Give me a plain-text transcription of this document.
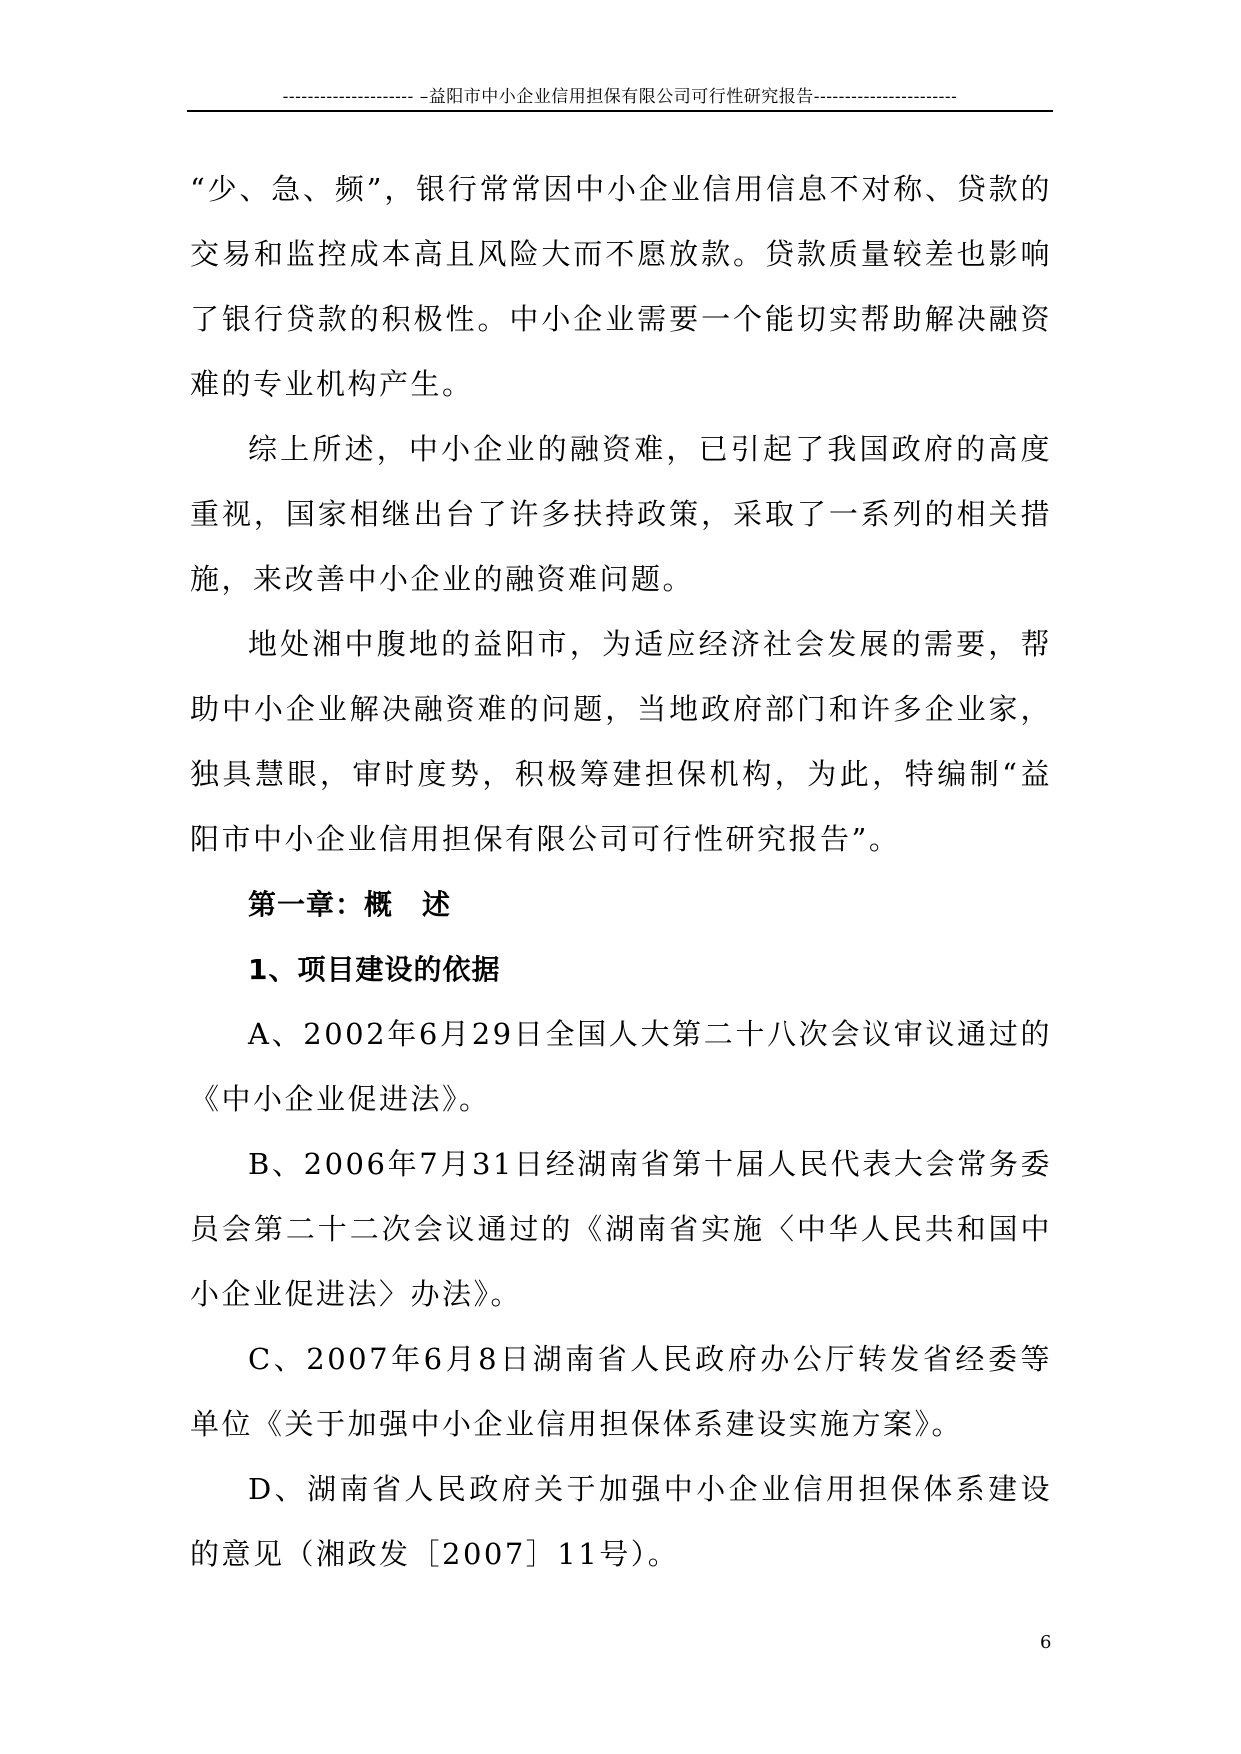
--------------------- –益阳市中小企业信用担保有限公司可行性研究报告-----------------------

“少、急、频”，银行常常因中小企业信用信息不对称、贷款的交易和监控成本高且风险大而不愿放款。贷款质量较差也影响了银行贷款的积极性。中小企业需要一个能切实帮助解决融资难的专业机构产生。

综上所述，中小企业的融资难，已引起了我国政府的高度重视，国家相继出台了许多扶持政策，采取了一系列的相关措施，来改善中小企业的融资难问题。

地处湘中腹地的益阳市，为适应经济社会发展的需要，帮助中小企业解决融资难的问题，当地政府部门和许多企业家，独具慧眼，审时度势，积极筹建担保机构，为此，特编制“益阳市中小企业信用担保有限公司可行性研究报告”。

第一章：概　述

1、项目建设的依据

A、2002年6月29日全国人大第二十八次会议审议通过的《中小企业促进法》。

B、2006年7月31日经湖南省第十届人民代表大会常务委员会第二十二次会议通过的《湖南省实施〈中华人民共和国中小企业促进法〉办法》。

C、2007年6月8日湖南省人民政府办公厅转发省经委等单位《关于加强中小企业信用担保体系建设实施方案》。

D、湖南省人民政府关于加强中小企业信用担保体系建设的意见（湘政发［2007］11号）。

6
